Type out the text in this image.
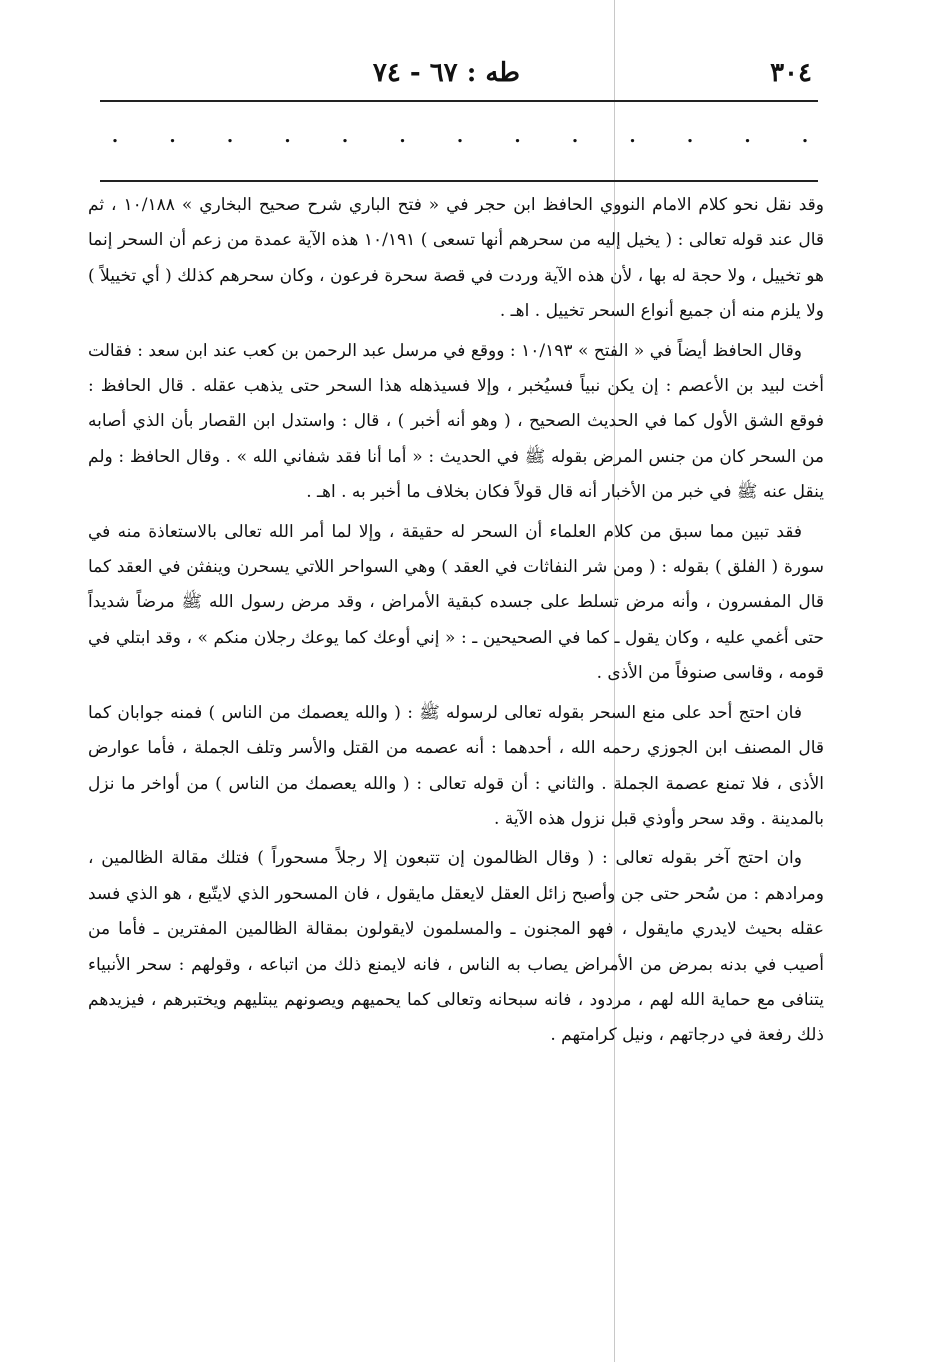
٣٠٤
طه : ٦٧ - ٧٤
.	.	.	.	.	.	.	.	.	.	.	.	.

وقد نقل نحو كلام الامام النووي الحافظ ابن حجر في « فتح الباري شرح صحيح البخاري » ١٠/١٨٨ ، ثم قال عند قوله تعالى : ( يخيل إليه من سحرهم أنها تسعى ) ١٠/١٩١ هذه الآية عمدة من زعم أن السحر إنما هو تخييل ، ولا حجة له بها ، لأن هذه الآية وردت في قصة سحرة فرعون ، وكان سحرهم كذلك ( أي تخييلاً ) ولا يلزم منه أن جميع أنواع السحر تخييل . اهـ .

وقال الحافظ أيضاً في « الفتح » ١٠/١٩٣ : ووقع في مرسل عبد الرحمن بن كعب عند ابن سعد : فقالت أخت لبيد بن الأعصم : إن يكن نبياً فسيُخبر ، وإلا فسيذهله هذا السحر حتى يذهب عقله . قال الحافظ : فوقع الشق الأول كما في الحديث الصحيح ، ( وهو أنه أخبر ) ، قال : واستدل ابن القصار بأن الذي أصابه من السحر كان من جنس المرض بقوله ﷺ في الحديث : « أما أنا فقد شفاني الله » . وقال الحافظ : ولم ينقل عنه ﷺ في خبر من الأخبار أنه قال قولاً فكان بخلاف ما أخبر به . اهـ .

فقد تبين مما سبق من كلام العلماء أن السحر له حقيقة ، وإلا لما أمر الله تعالى بالاستعاذة منه في سورة ( الفلق ) بقوله : ( ومن شر النفاثات في العقد ) وهي السواحر اللاتي يسحرن وينفثن في العقد كما قال المفسرون ، وأنه مرض تسلط على جسده كبقية الأمراض ، وقد مرض رسول الله ﷺ مرضاً شديداً حتى أغمي عليه ، وكان يقول ـ كما في الصحيحين ـ : « إني أوعك كما يوعك رجلان منكم » ، وقد ابتلي في قومه ، وقاسى صنوفاً من الأذى .

فان احتج أحد على منع السحر بقوله تعالى لرسوله ﷺ : ( والله يعصمك من الناس ) فمنه جوابان كما قال المصنف ابن الجوزي رحمه الله ، أحدهما : أنه عصمه من القتل والأسر وتلف الجملة ، فأما عوارض الأذى ، فلا تمنع عصمة الجملة . والثاني : أن قوله تعالى : ( والله يعصمك من الناس ) من أواخر ما نزل بالمدينة . وقد سحر وأوذي قبل نزول هذه الآية .

وان احتج آخر بقوله تعالى : ( وقال الظالمون إن تتبعون إلا رجلاً مسحوراً ) فتلك مقالة الظالمين ، ومرادهم : من سُحر حتى جن وأصبح زائل العقل لايعقل مايقول ، فان المسحور الذي لايتّبع ، هو الذي فسد عقله بحيث لايدري مايقول ، فهو المجنون ـ والمسلمون لايقولون بمقالة الظالمين المفترين ـ فأما من أصيب في بدنه بمرض من الأمراض يصاب به الناس ، فانه لايمنع ذلك من اتباعه ، وقولهم : سحر الأنبياء يتنافى مع حماية الله لهم ، مردود ، فانه سبحانه وتعالى كما يحميهم ويصونهم يبتليهم ويختبرهم ، فيزيدهم ذلك رفعة في درجاتهم ، ونيل كرامتهم .
